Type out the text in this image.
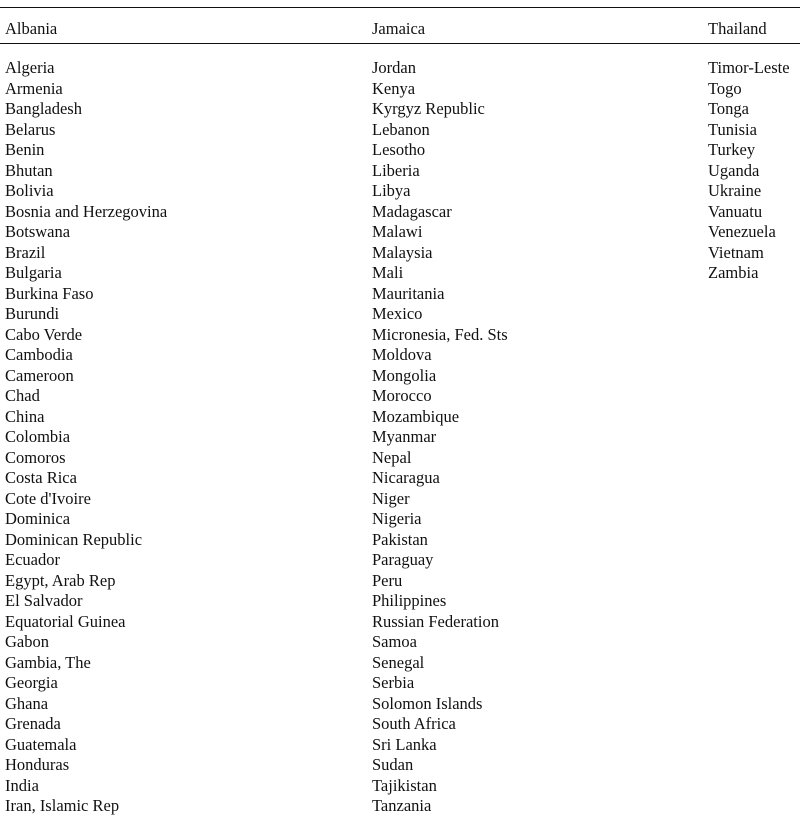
Albania	Jamaica	Thailand
Algeria
Armenia
Bangladesh
Belarus
Benin
Bhutan
Bolivia
Bosnia and Herzegovina
Botswana
Brazil
Bulgaria
Burkina Faso
Burundi
Cabo Verde
Cambodia
Cameroon
Chad
China
Colombia
Comoros
Costa Rica
Cote d'Ivoire
Dominica
Dominican Republic
Ecuador
Egypt, Arab Rep
El Salvador
Equatorial Guinea
Gabon
Gambia, The
Georgia
Ghana
Grenada
Guatemala
Honduras
India
Iran, Islamic Rep
Jordan
Kenya
Kyrgyz Republic
Lebanon
Lesotho
Liberia
Libya
Madagascar
Malawi
Malaysia
Mali
Mauritania
Mexico
Micronesia, Fed. Sts
Moldova
Mongolia
Morocco
Mozambique
Myanmar
Nepal
Nicaragua
Niger
Nigeria
Pakistan
Paraguay
Peru
Philippines
Russian Federation
Samoa
Senegal
Serbia
Solomon Islands
South Africa
Sri Lanka
Sudan
Tajikistan
Tanzania
Timor-Leste
Togo
Tonga
Tunisia
Turkey
Uganda
Ukraine
Vanuatu
Venezuela
Vietnam
Zambia
